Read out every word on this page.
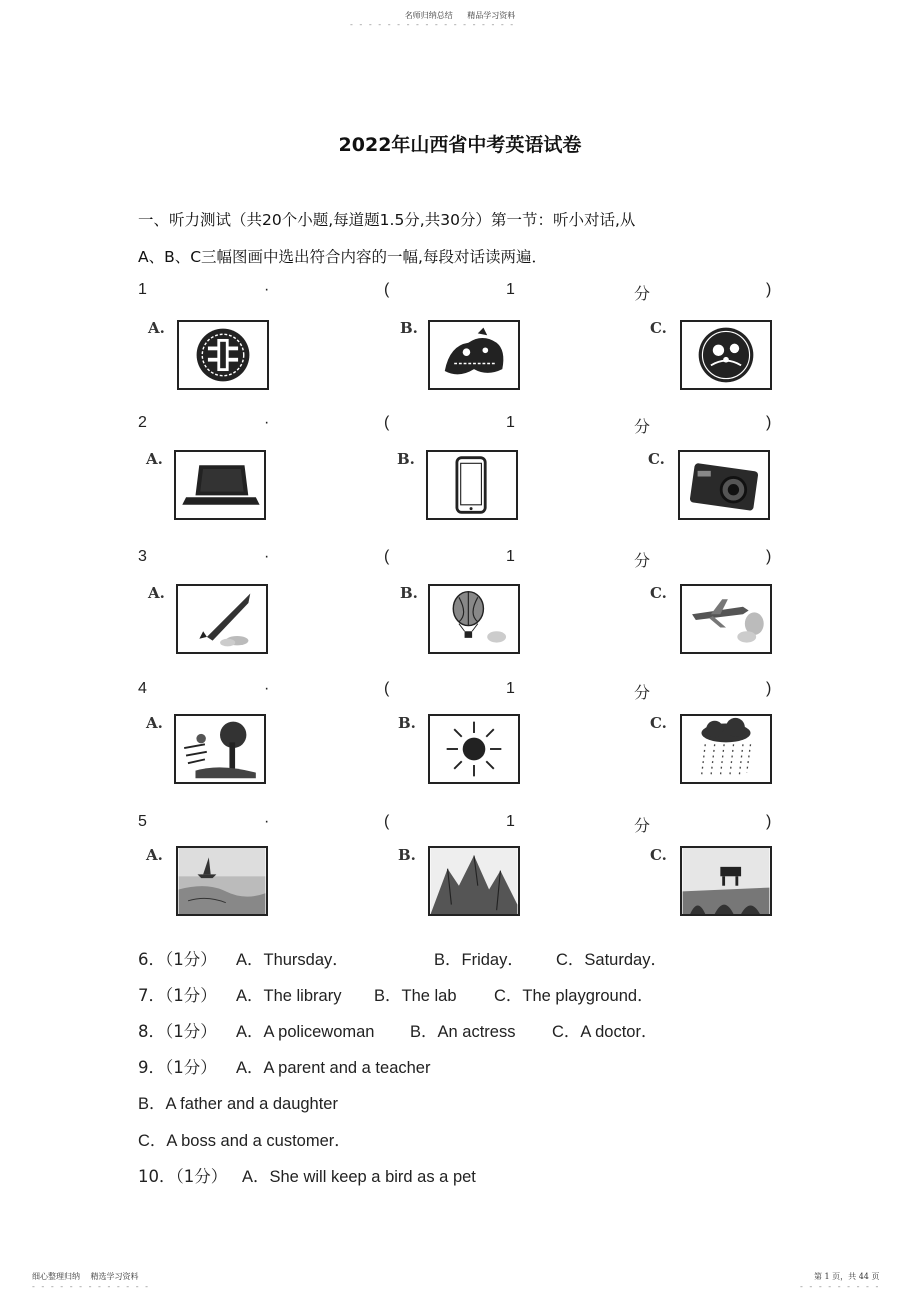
名师归纳总结 精品学习资料
- - - - - - - - - - - - - - - - - -
2022年山西省中考英语试卷
一、听力测试（共20个小题,每道题1.5分,共30分）第一节：听小对话,从
A、B、C三幅图画中选出符合内容的一幅,每段对话读两遍．
1	·	(	1	分	)
2	·	(	1	分	)
3	·	(	1	分	)
4	·	(	1	分	)
5	·	(	1	分	)
A.	B.	C.
A.	B.	C.
A.	B.	C.
A.	B.	C.
A.	B.	C.
6．（1分） A．Thursday．	B．Friday． C．Saturday．
7．（1分） A．The library B．The lab C．The playground．
8．（1分） A．A policewoman B．An actress C．A doctor．
9．（1分） A．A parent and a teacher
B．A father and a daughter
C．A boss and a customer．
10．（1分） A．She will keep a bird as a pet
细心整理归纳 精选学习资料
- - - - - - - - - - - - -
第 1 页，共 44 页
- - - - - - - - -
